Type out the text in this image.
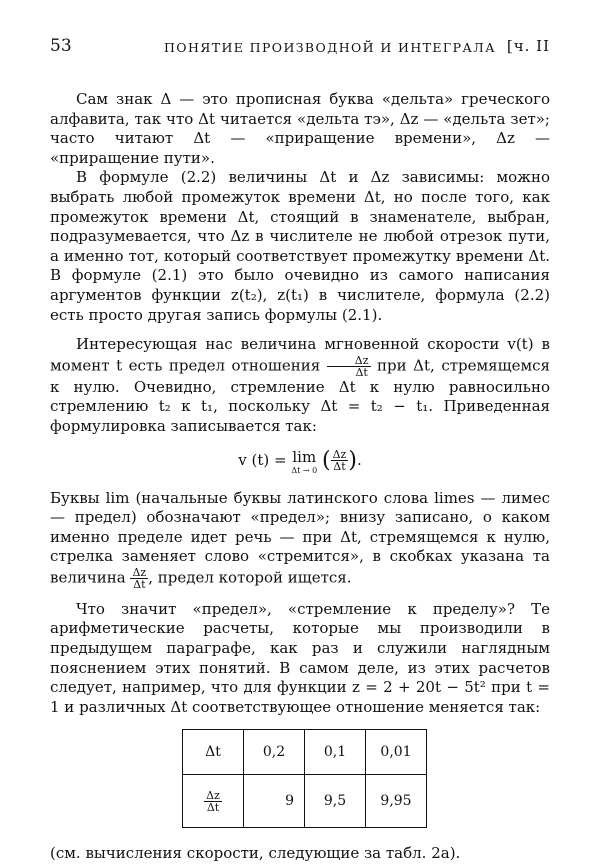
53	ПОНЯТИЕ ПРОИЗВОДНОЙ И ИНТЕГРАЛА [ч. II

Сам знак Δ — это прописная буква «дельта» греческого алфавита, так что Δt читается «дельта тэ», Δz — «дельта зет»; часто читают Δt — «приращение времени», Δz — «приращение пути».

В формуле (2.2) величины Δt и Δz зависимы: можно выбрать любой промежуток времени Δt, но после того, как промежуток времени Δt, стоящий в знаменателе, выбран, подразумевается, что Δz в числителе не любой отрезок пути, а именно тот, который соответствует промежутку времени Δt. В формуле (2.1) это было очевидно из самого написания аргументов функции z(t₂), z(t₁) в числителе, формула (2.2) есть просто другая запись формулы (2.1).

Интересующая нас величина мгновенной скорости v(t) в момент t есть предел отношения $\frac{\Delta z}{\Delta t}$ при Δt, стремящемся к нулю. Очевидно, стремление Δt к нулю равносильно стремлению t₂ к t₁, поскольку Δt = t₂ − t₁. Приведенная формулировка записывается так:

v (t) = lim
Δt → 0 ( $\frac{\Delta z}{\Delta t}$ ).

Буквы lim (начальные буквы латинского слова limes — лимес — предел) обозначают «предел»; внизу записано, о каком именно пределе идет речь — при Δt, стремящемся к нулю, стрелка заменяет слово «стремится», в скобках указана та величина $\frac{\Delta z}{\Delta t}$ , предел которой ищется.

Что значит «предел», «стремление к пределу»? Те арифметические расчеты, которые мы производили в предыдущем параграфе, как раз и служили наглядным пояснением этих понятий. В самом деле, из этих расчетов следует, например, что для функции z = 2 + 20t − 5t² при t = 1 и различных Δt соответствующее отношение меняется так:

Δt	0,2	0,1	0,01

$\frac{\Delta z}{\Delta t}$	9	9,5	9,95

(см. вычисления скорости, следующие за табл. 2а).
